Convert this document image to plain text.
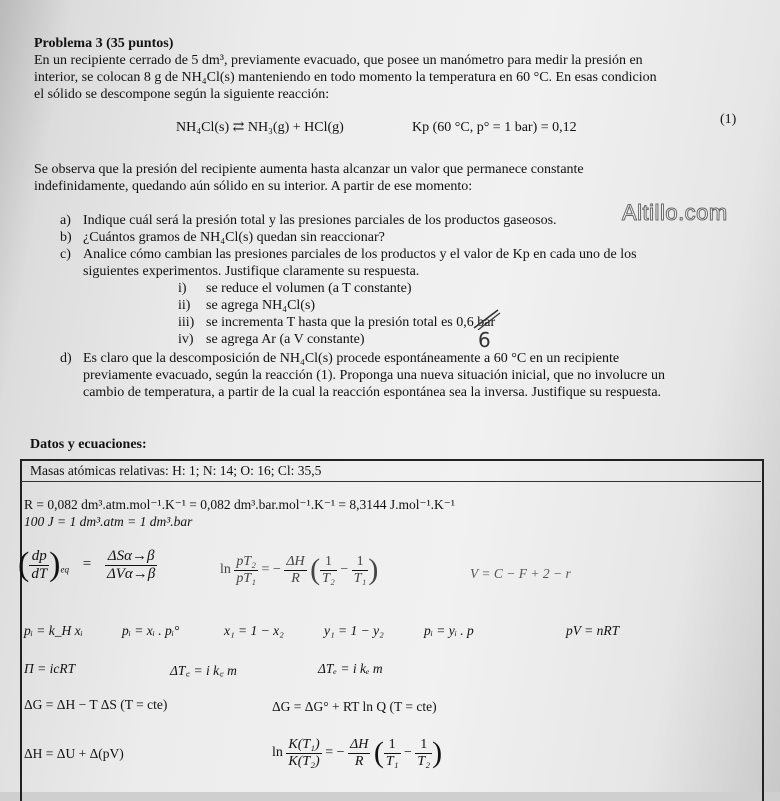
Problema 3 (35 puntos)
En un recipiente cerrado de 5 dm³, previamente evacuado, que posee un manómetro para medir la presión en
interior, se colocan 8 g de NH₄Cl(s) manteniendo en todo momento la temperatura en 60 °C. En esas condicion
el sólido se descompone según la siguiente reacción:
NH₄Cl(s) ⇄ NH₃(g) + HCl(g)	Kp (60 °C, p° = 1 bar) = 0,12
(1)
Se observa que la presión del recipiente aumenta hasta alcanzar un valor que permanece constante
indefinidamente, quedando aún sólido en su interior. A partir de ese momento:
a) Indique cuál será la presión total y las presiones parciales de los productos gaseosos.
b) ¿Cuántos gramos de NH₄Cl(s) quedan sin reaccionar?
c) Analice cómo cambian las presiones parciales de los productos y el valor de Kp en cada uno de los
siguientes experimentos. Justifique claramente su respuesta.
i) se reduce el volumen (a T constante)
ii) se agrega NH₄Cl(s)
iii) se incrementa T hasta que la presión total es 0,6 bar
iv) se agrega Ar (a V constante)	6
d) Es claro que la descomposición de NH₄Cl(s) procede espontáneamente a 60 °C en un recipiente
previamente evacuado, según la reacción (1). Proponga una nueva situación inicial, que no involucre un
cambio de temperatura, a partir de la cual la reacción espontánea sea la inversa. Justifique su respuesta.
Altillo.com
Datos y ecuaciones:
Masas atómicas relativas: H: 1; N: 14; O: 16; Cl: 35,5
R = 0,082 dm³.atm.mol⁻¹.K⁻¹ = 0,082 dm³.bar.mol⁻¹.K⁻¹ = 8,3144 J.mol⁻¹.K⁻¹
100 J = 1 dm³.atm = 1 dm³.bar
( $\frac{dp}{dT} )_{eq} = \frac{\text{ΔSα→β}}{\text{ΔVα→β}}$	$\ln \frac{\text{pT₂}}{\text{pT₁}}$ = − $\frac{\Delta H}{R}$ ( $\frac{1}{\text{T₂}} - \frac{1}{\text{T₁}}$ )	V = C − F + 2 − r
pᵢ = k_H xᵢ	pᵢ = xᵢ . pᵢ°	x₁ = 1 − x₂	y₁ = 1 − y₂	pᵢ = yᵢ . p	pV = nRT
Π = icRT	ΔT꜀ = i k꜀ m	ΔTₑ = i kₑ m
ΔG = ΔH − T ΔS (T = cte)	ΔG = ΔG° + RT ln Q (T = cte)
ΔH = ΔU + Δ(pV)	$\ln \frac{\text{K(T₁)}}{\text{K(T₂)}}$ = − $\frac{\Delta H}{R}$ ( $\frac{1}{\text{T₁}} - \frac{1}{\text{T₂}}$ )
